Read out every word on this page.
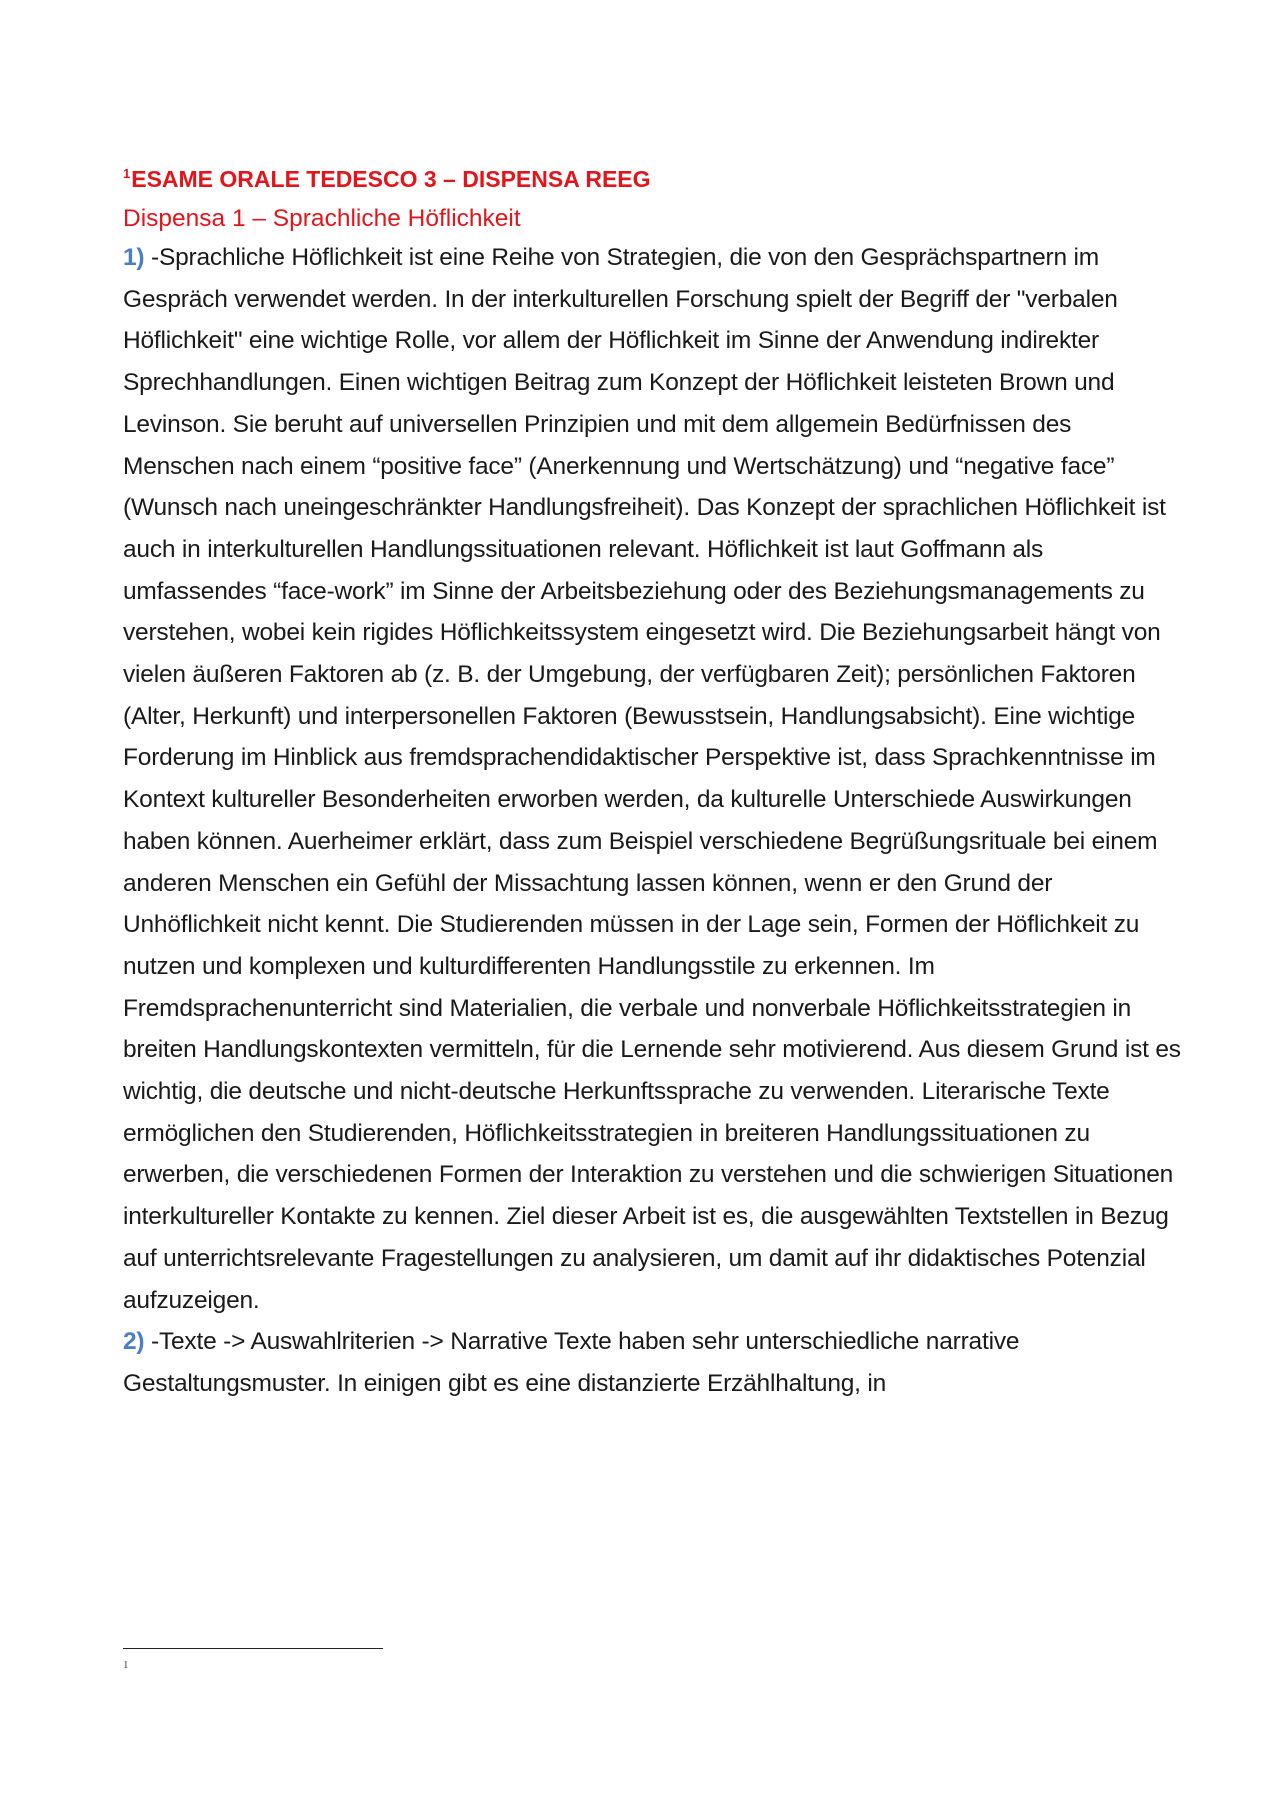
$^1$ESAME ORALE TEDESCO 3 – DISPENSA REEG
Dispensa 1 – Sprachliche Höflichkeit

1) -Sprachliche Höflichkeit ist eine Reihe von Strategien, die von den Gesprächspartnern im Gespräch verwendet werden. In der interkulturellen Forschung spielt der Begriff der "verbalen Höflichkeit" eine wichtige Rolle, vor allem der Höflichkeit im Sinne der Anwendung indirekter Sprechhandlungen. Einen wichtigen Beitrag zum Konzept der Höflichkeit leisteten Brown und Levinson. Sie beruht auf universellen Prinzipien und mit dem allgemein Bedürfnissen des Menschen nach einem “positive face” (Anerkennung und Wertschätzung) und “negative face” (Wunsch nach uneingeschränkter Handlungsfreiheit). Das Konzept der sprachlichen Höflichkeit ist auch in interkulturellen Handlungssituationen relevant. Höflichkeit ist laut Goffmann als umfassendes “face-work” im Sinne der Arbeitsbeziehung oder des Beziehungsmanagements zu verstehen, wobei kein rigides Höflichkeitssystem eingesetzt wird. Die Beziehungsarbeit hängt von vielen äußeren Faktoren ab (z. B. der Umgebung, der verfügbaren Zeit); persönlichen Faktoren (Alter, Herkunft) und interpersonellen Faktoren (Bewusstsein, Handlungsabsicht). Eine wichtige Forderung im Hinblick aus fremdsprachendidaktischer Perspektive ist, dass Sprachkenntnisse im Kontext kultureller Besonderheiten erworben werden, da kulturelle Unterschiede Auswirkungen haben können. Auerheimer erklärt, dass zum Beispiel verschiedene Begrüßungsrituale bei einem anderen Menschen ein Gefühl der Missachtung lassen können, wenn er den Grund der Unhöflichkeit nicht kennt. Die Studierenden müssen in der Lage sein, Formen der Höflichkeit zu nutzen und komplexen und kulturdifferenten Handlungsstile zu erkennen. Im Fremdsprachenunterricht sind Materialien, die verbale und nonverbale Höflichkeitsstrategien in breiten Handlungskontexten vermitteln, für die Lernende sehr motivierend. Aus diesem Grund ist es wichtig, die deutsche und nicht-deutsche Herkunftssprache zu verwenden. Literarische Texte ermöglichen den Studierenden, Höflichkeitsstrategien in breiteren Handlungssituationen zu erwerben, die verschiedenen Formen der Interaktion zu verstehen und die schwierigen Situationen interkultureller Kontakte zu kennen. Ziel dieser Arbeit ist es, die ausgewählten Textstellen in Bezug auf unterrichtsrelevante Fragestellungen zu analysieren, um damit auf ihr didaktisches Potenzial aufzuzeigen.

2) -Texte -> Auswahlriterien -> Narrative Texte haben sehr unterschiedliche narrative Gestaltungsmuster. In einigen gibt es eine distanzierte Erzählhaltung, in

1
